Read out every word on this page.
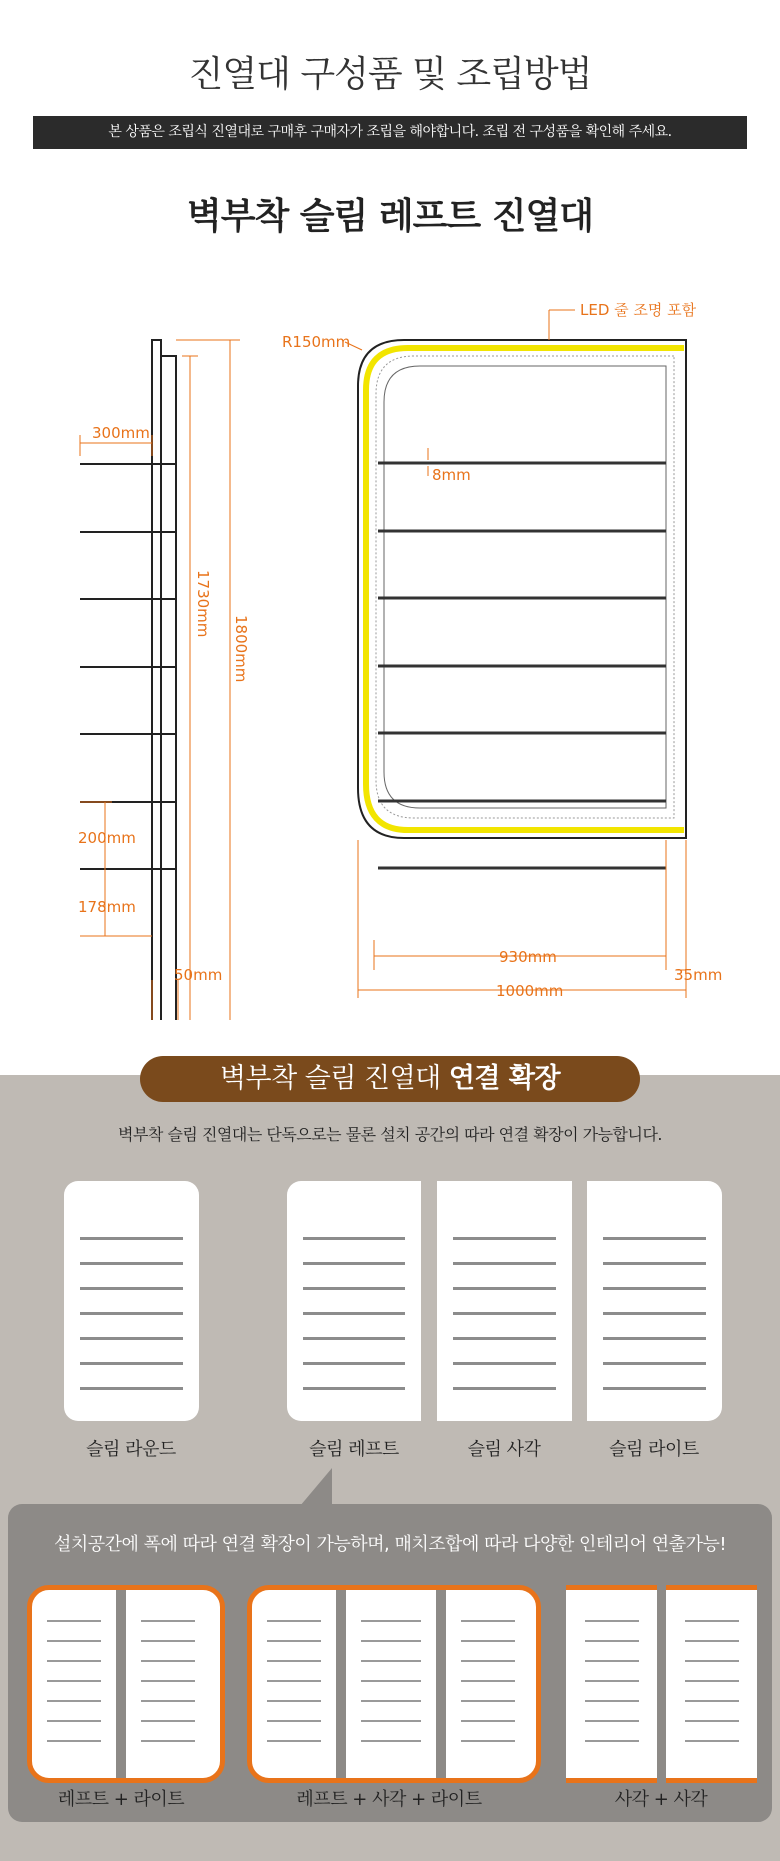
진열대 구성품 및 조립방법
본 상품은 조립식 진열대로 구매후 구매자가 조립을 해야합니다. 조립 전 구성품을 확인해 주세요.
벽부착 슬림 레프트 진열대
LED 줄 조명 포함
R150mm
300mm
8mm
1730mm
1800mm
200mm
178mm
50mm
930mm
1000mm
35mm
벽부착 슬림 진열대 연결 확장
벽부착 슬림 진열대는 단독으로는 물론 설치 공간의 따라 연결 확장이 가능합니다.
슬림 라운드	슬림 레프트	슬림 사각	슬림 라이트
설치공간에 폭에 따라 연결 확장이 가능하며, 매치조합에 따라 다양한 인테리어 연출가능!
레프트 + 라이트	레프트 + 사각 + 라이트	사각 + 사각
